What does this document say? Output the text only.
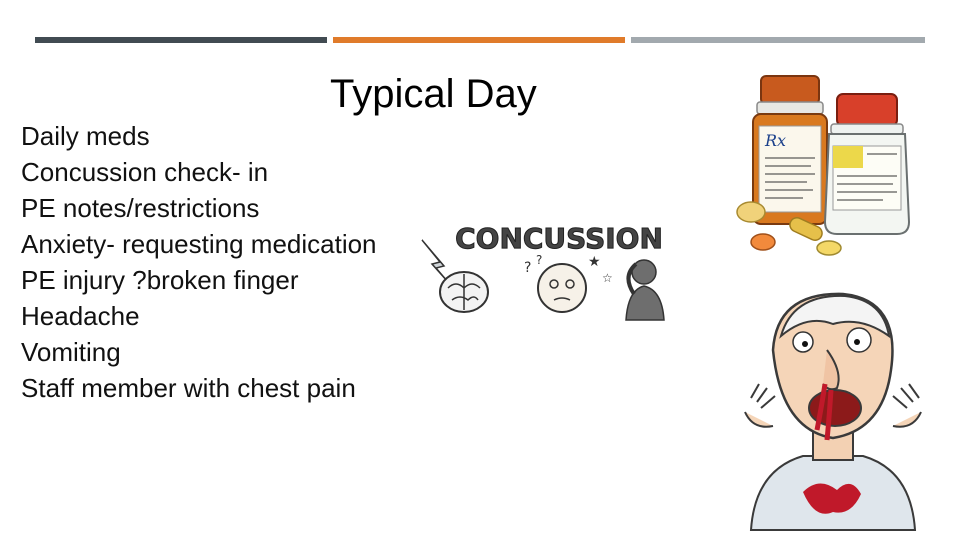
Typical Day
Daily meds
Concussion check- in
PE notes/restrictions
Anxiety- requesting medication
PE injury ?broken finger
Headache
Vomiting
Staff member with chest pain
Rx
CONCUSSION
? ?	★
☆
